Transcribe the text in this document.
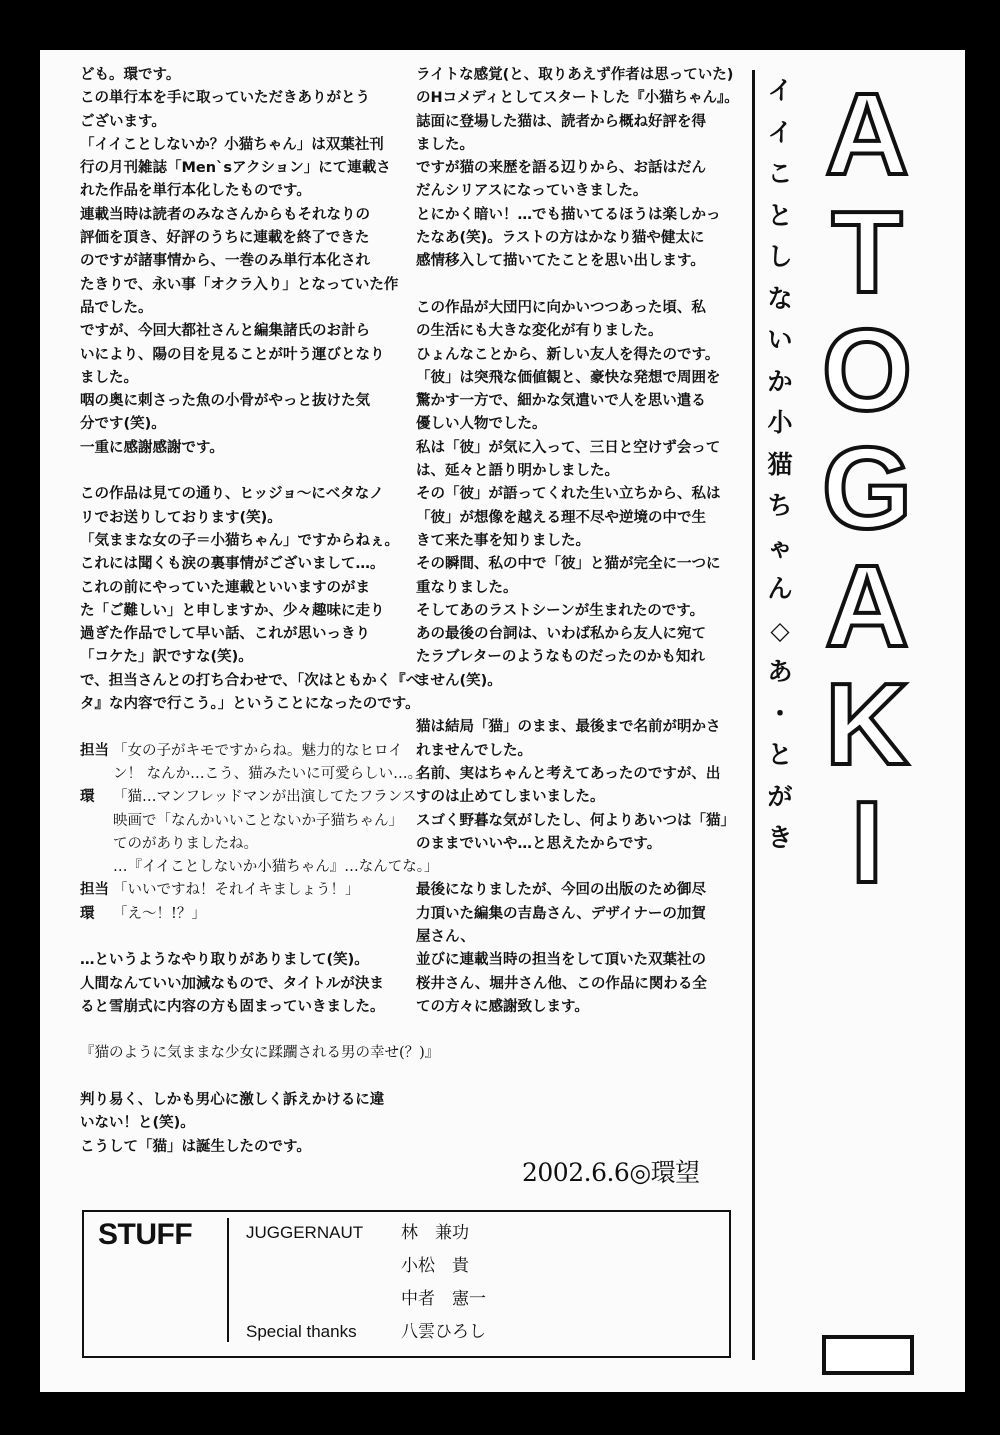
ども。環です。
この単行本を手に取っていただきありがとう
ございます。
「イイことしないか？小猫ちゃん」は双葉社刊
行の月刊雑誌「Men`sアクション」にて連載さ
れた作品を単行本化したものです。
連載当時は読者のみなさんからもそれなりの
評価を頂き、好評のうちに連載を終了できた
のですが諸事情から、一巻のみ単行本化され
たきりで、永い事「オクラ入り」となっていた作
品でした。
ですが、今回大都社さんと編集諸氏のお計ら
いにより、陽の目を見ることが叶う運びとなり
ました。
咽の奥に刺さった魚の小骨がやっと抜けた気
分です(笑)。
一重に感謝感謝です。
この作品は見ての通り、ヒッジョ～にベタなノ
リでお送りしております(笑)。
「気ままな女の子＝小猫ちゃん」ですからねぇ。
これには聞くも涙の裏事情がございまして…。
これの前にやっていた連載といいますのがま
た「ご難しい」と申しますか、少々趣味に走り
過ぎた作品でして早い話、これが思いっきり
「コケた」訳ですな(笑)。
で、担当さんとの打ち合わせで、「次はともかく『ベ
タ』な内容で行こう。」ということになったのです。
担当 「女の子がキモですからね。魅力的なヒロイ
ン！ なんか…こう、猫みたいに可愛らしい…。」
環	「猫…マンフレッドマンが出演してたフランス
映画で「なんかいいことないか子猫ちゃん」
てのがありましたね。
…『イイことしないか小猫ちゃん』…なんてな。」
担当 「いいですね！それイキましょう！」
環	「え～！!？」
…というようなやり取りがありまして(笑)。
人間なんていい加減なもので、タイトルが決ま
ると雪崩式に内容の方も固まっていきました。
『猫のように気ままな少女に蹂躙される男の幸せ(？)』
判り易く、しかも男心に激しく訴えかけるに違
いない！と(笑)。
こうして「猫」は誕生したのです。
ライトな感覚(と、取りあえず作者は思っていた)
のHコメディとしてスタートした『小猫ちゃん』。
誌面に登場した猫は、読者から概ね好評を得
ました。
ですが猫の来歴を語る辺りから、お話はだん
だんシリアスになっていきました。
とにかく暗い！…でも描いてるほうは楽しかっ
たなあ(笑)。ラストの方はかなり猫や健太に
感情移入して描いてたことを思い出します。
この作品が大団円に向かいつつあった頃、私
の生活にも大きな変化が有りました。
ひょんなことから、新しい友人を得たのです。
「彼」は突飛な価値観と、豪快な発想で周囲を
驚かす一方で、細かな気遣いで人を思い遣る
優しい人物でした。
私は「彼」が気に入って、三日と空けず会って
は、延々と語り明かしました。
その「彼」が語ってくれた生い立ちから、私は
「彼」が想像を越える理不尽や逆境の中で生
きて来た事を知りました。
その瞬間、私の中で「彼」と猫が完全に一つに
重なりました。
そしてあのラストシーンが生まれたのです。
あの最後の台詞は、いわば私から友人に宛て
たラブレターのようなものだったのかも知れ
ません(笑)。
猫は結局「猫」のまま、最後まで名前が明かさ
れませんでした。
名前、実はちゃんと考えてあったのですが、出
すのは止めてしまいました。
スゴく野暮な気がしたし、何よりあいつは「猫」
のままでいいや…と思えたからです。
最後になりましたが、今回の出版のため御尽
力頂いた編集の吉島さん、デザイナーの加賀
屋さん、
並びに連載当時の担当をして頂いた双葉社の
桜井さん、堀井さん他、この作品に関わる全
ての方々に感謝致します。
2002.6.6◎環望
イ
イ
こ
と
し
な
い
か
小
猫
ち
ゃ
ん
◇
あ
・
と
が
き
A
T
O
G
A
K
I
STUFF	JUGGERNAUT 林　兼功
小松　貴
中者　憲一
Special thanks	八雲ひろし
